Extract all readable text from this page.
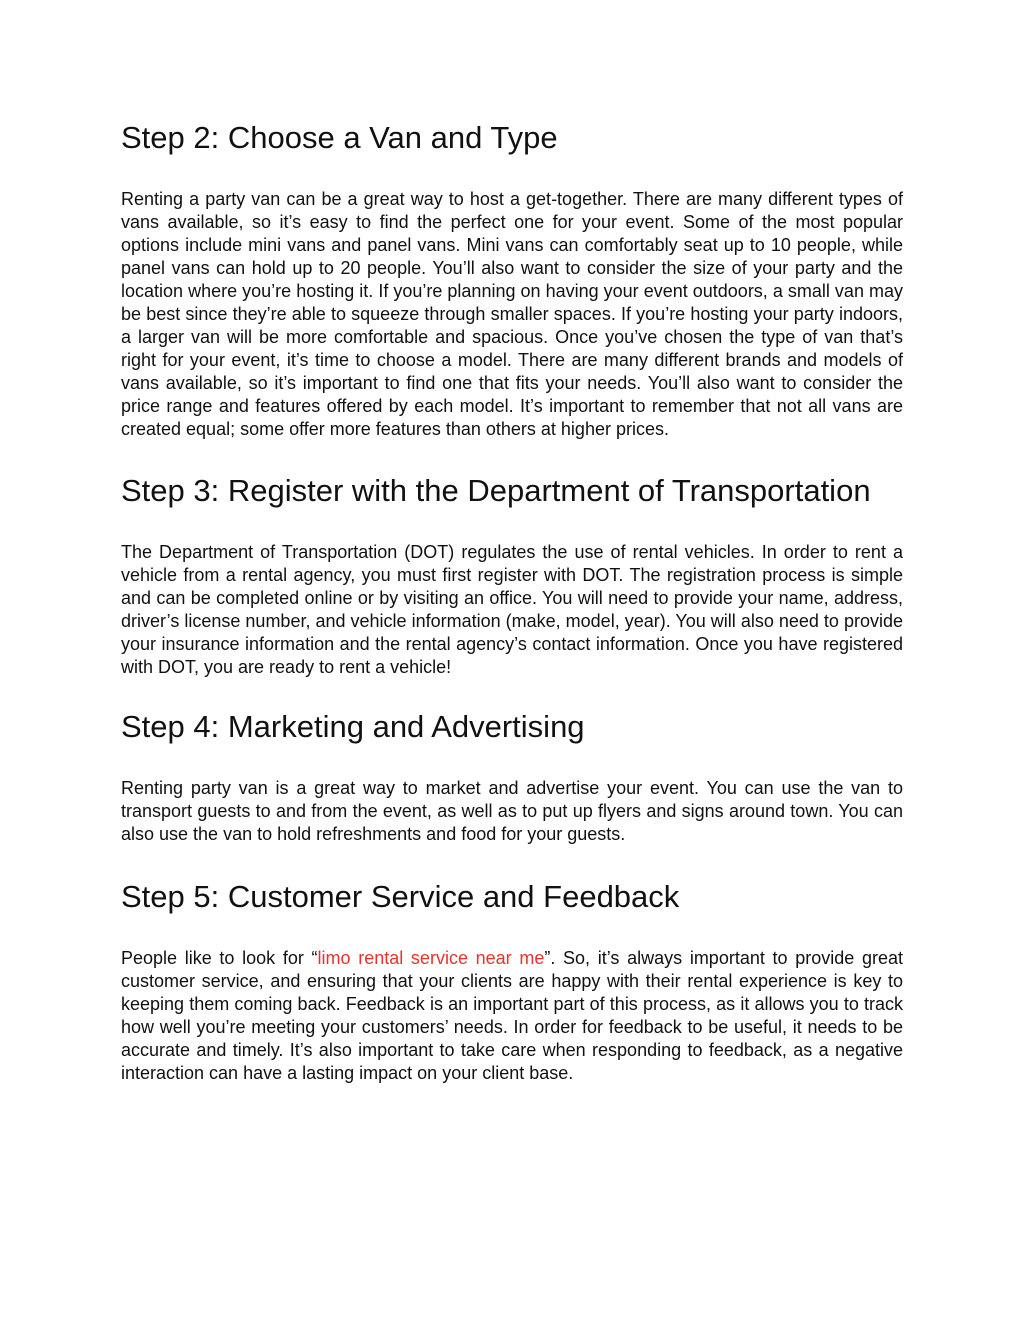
Step 2: Choose a Van and Type

Renting a party van can be a great way to host a get-together. There are many different types of vans available, so it’s easy to find the perfect one for your event. Some of the most popular options include mini vans and panel vans. Mini vans can comfortably seat up to 10 people, while panel vans can hold up to 20 people. You’ll also want to consider the size of your party and the location where you’re hosting it. If you’re planning on having your event outdoors, a small van may be best since they’re able to squeeze through smaller spaces. If you’re hosting your party indoors, a larger van will be more comfortable and spacious. Once you’ve chosen the type of van that’s right for your event, it’s time to choose a model. There are many different brands and models of vans available, so it’s important to find one that fits your needs. You’ll also want to consider the price range and features offered by each model. It’s important to remember that not all vans are created equal; some offer more features than others at higher prices.

Step 3: Register with the Department of Transportation

The Department of Transportation (DOT) regulates the use of rental vehicles. In order to rent a vehicle from a rental agency, you must first register with DOT. The registration process is simple and can be completed online or by visiting an office. You will need to provide your name, address, driver’s license number, and vehicle information (make, model, year). You will also need to provide your insurance information and the rental agency’s contact information. Once you have registered with DOT, you are ready to rent a vehicle!

Step 4: Marketing and Advertising

Renting party van is a great way to market and advertise your event. You can use the van to transport guests to and from the event, as well as to put up flyers and signs around town. You can also use the van to hold refreshments and food for your guests.

Step 5: Customer Service and Feedback

People like to look for “limo rental service near me”. So, it’s always important to provide great customer service, and ensuring that your clients are happy with their rental experience is key to keeping them coming back. Feedback is an important part of this process, as it allows you to track how well you’re meeting your customers’ needs. In order for feedback to be useful, it needs to be accurate and timely. It’s also important to take care when responding to feedback, as a negative interaction can have a lasting impact on your client base.
